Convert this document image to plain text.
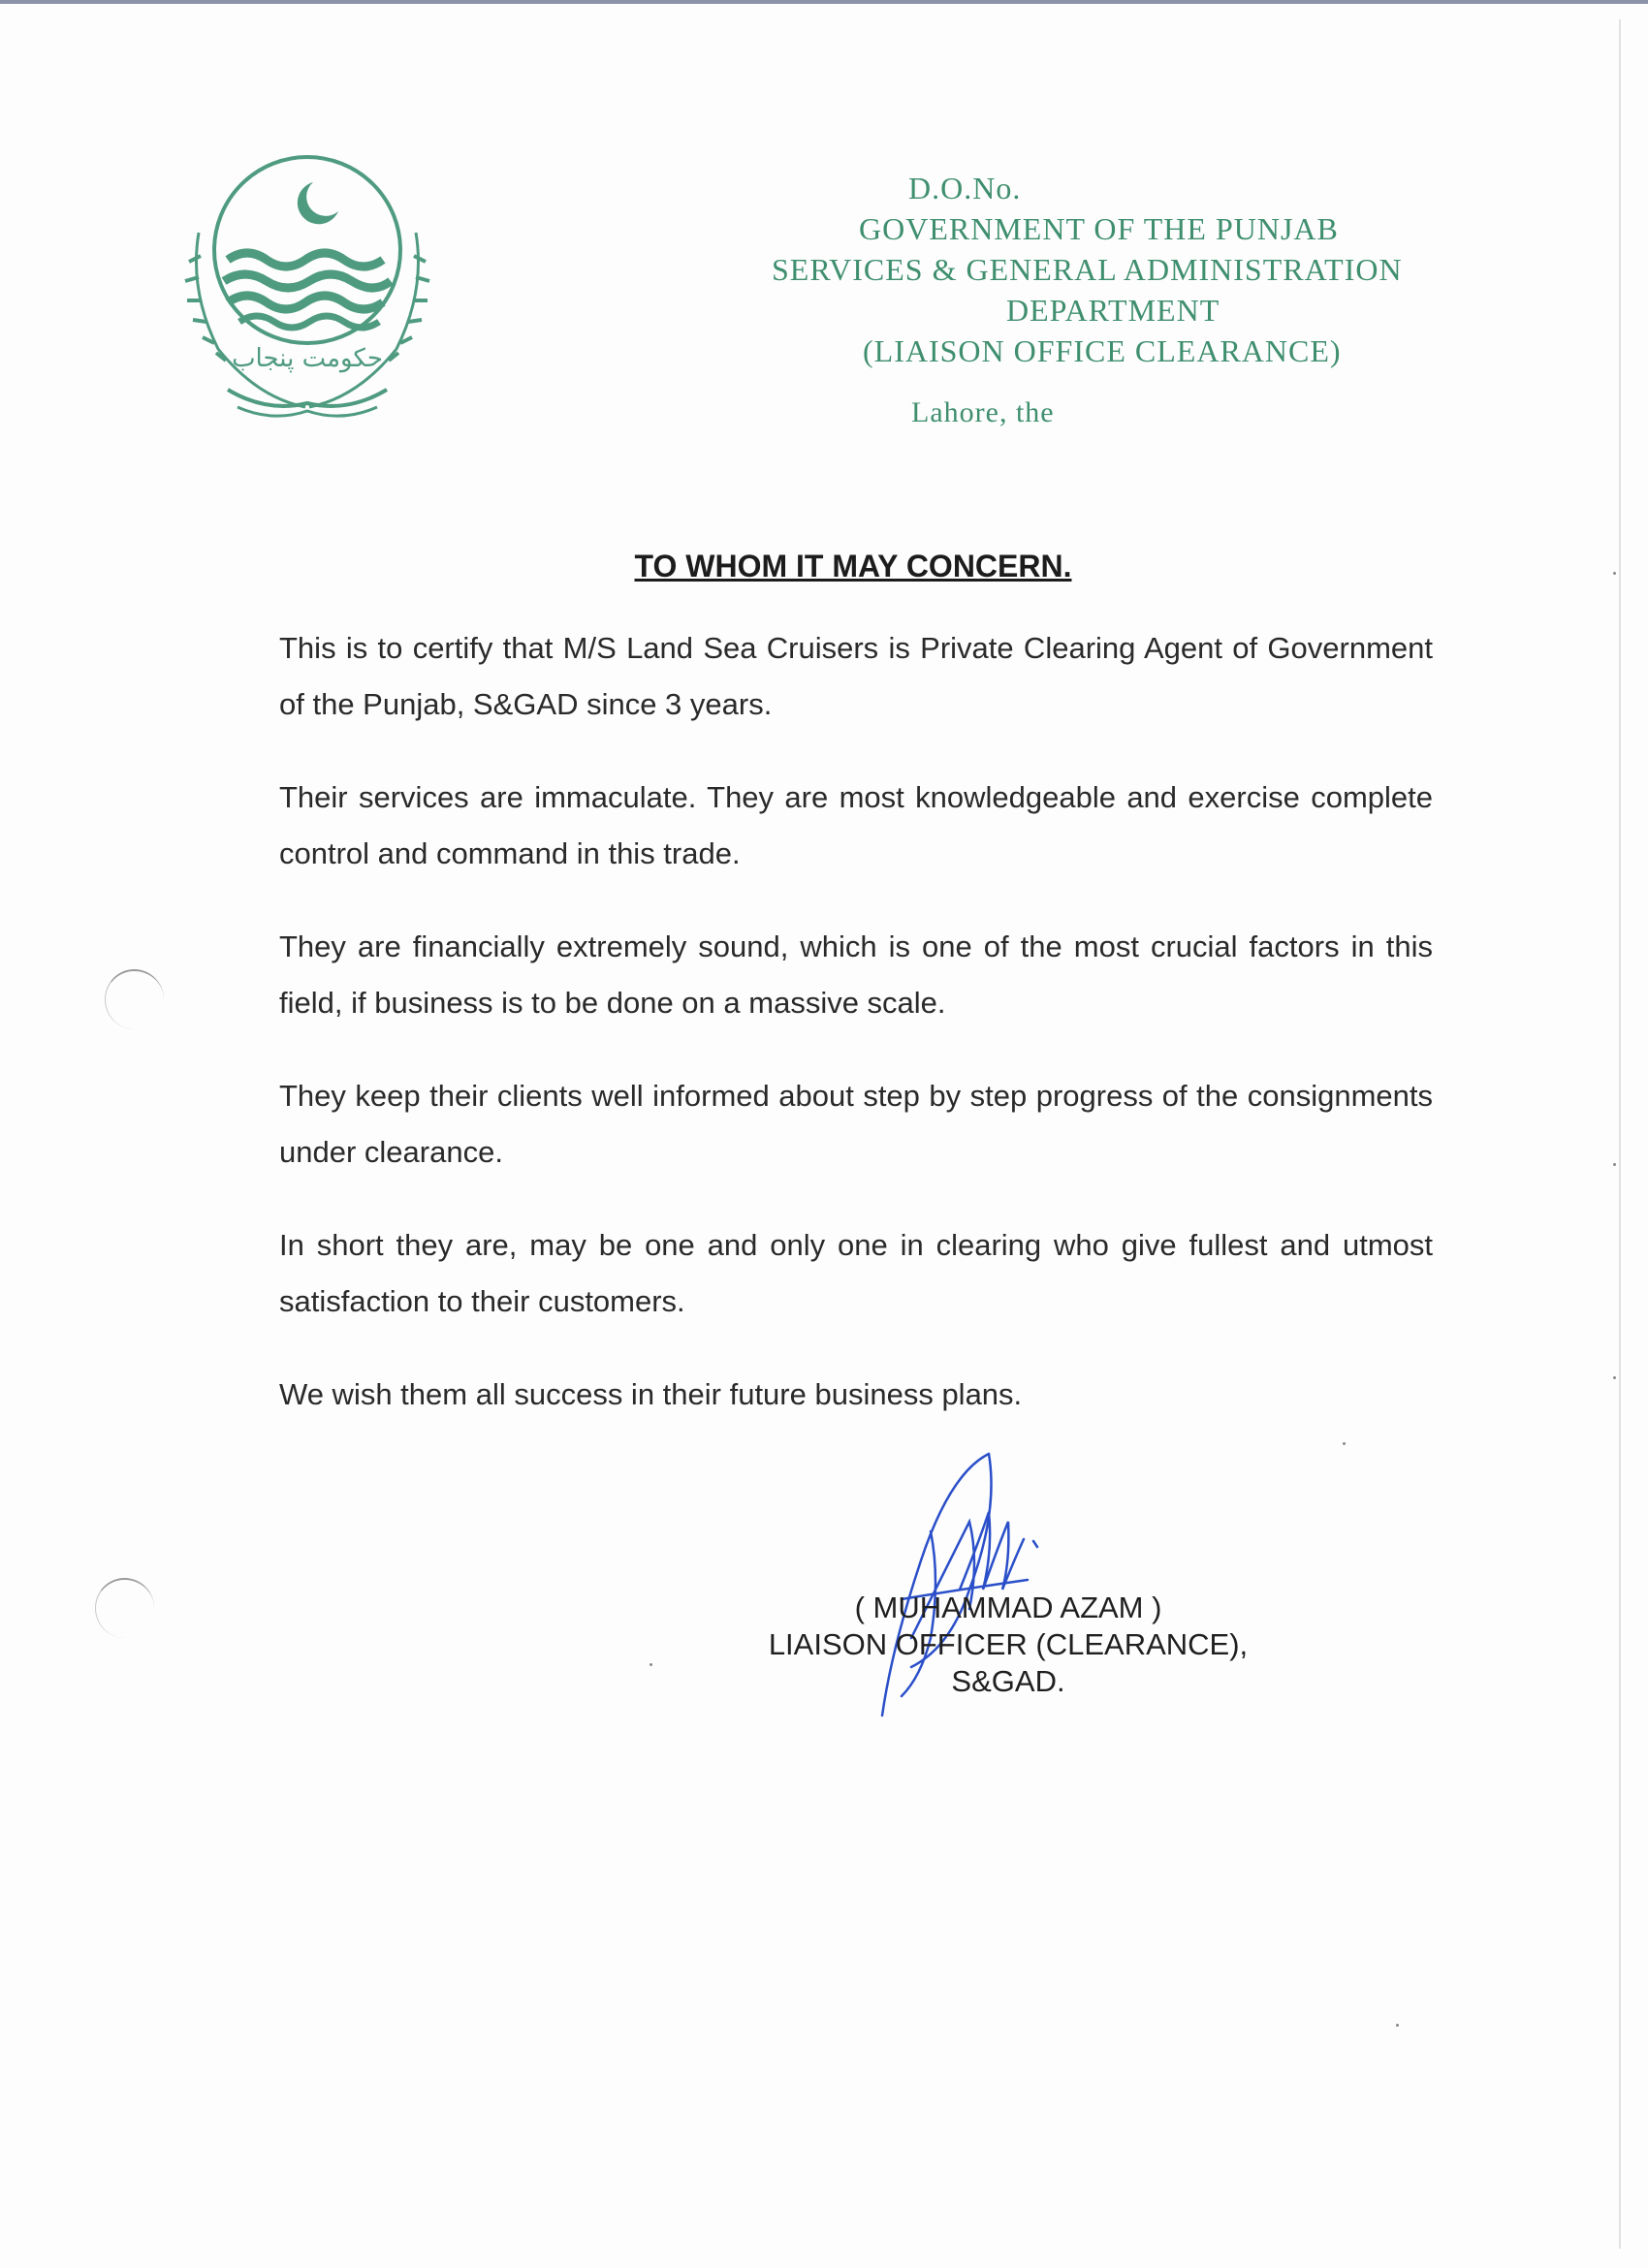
حکومت پنجاب
D.O.No.
GOVERNMENT OF THE PUNJAB
SERVICES & GENERAL ADMINISTRATION
DEPARTMENT
(LIAISON OFFICE CLEARANCE)
Lahore, the
TO WHOM IT MAY CONCERN.

This is to certify that M/S Land Sea Cruisers is Private Clearing Agent of Government of the Punjab, S&GAD since 3 years.

Their services are immaculate. They are most knowledgeable and exercise complete control and command in this trade.

They are financially extremely sound, which is one of the most crucial factors in this field, if business is to be done on a massive scale.

They keep their clients well informed about step by step progress of the consignments under clearance.

In short they are, may be one and only one in clearing who give fullest and utmost satisfaction to their customers.

We wish them all success in their future business plans.

( MUHAMMAD AZAM )
LIAISON OFFICER (CLEARANCE),
S&GAD.
